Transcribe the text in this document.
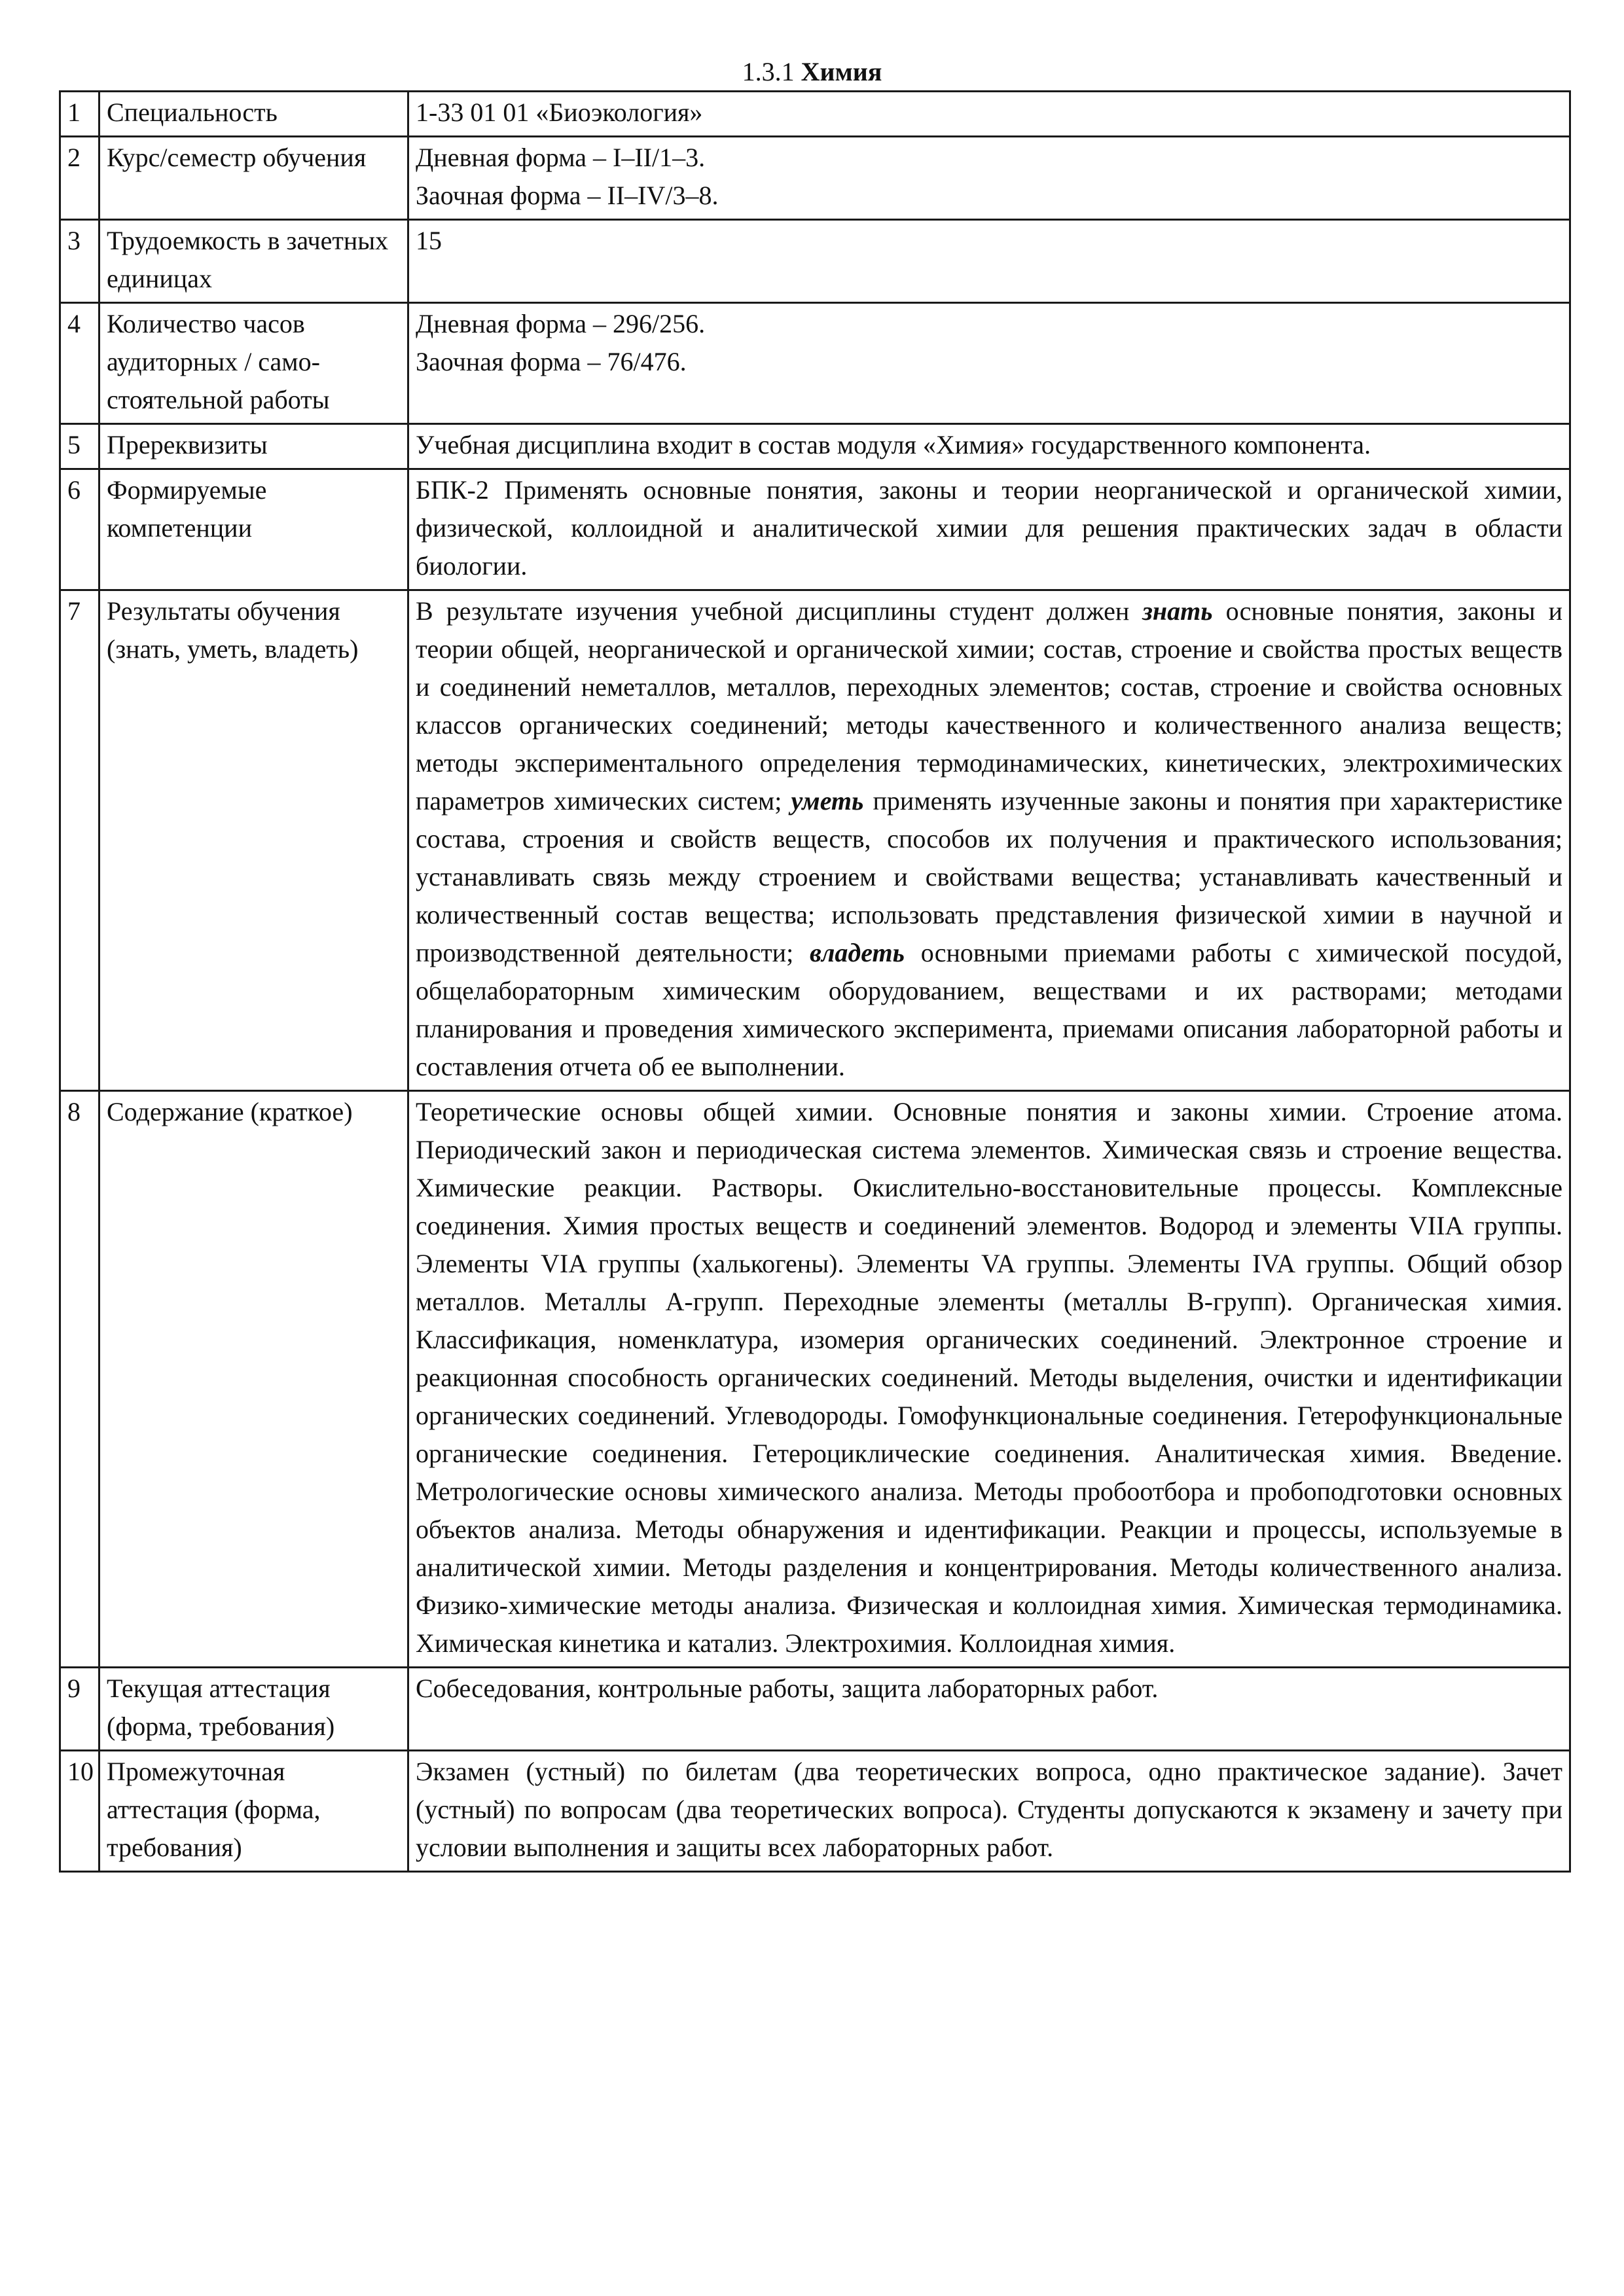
1.3.1 Химия
1	Специальность	1-33 01 01 «Биоэкология»
2	Курс/семестр обучения	Дневная форма – I–II/1–3.
Заочная форма – II–IV/3–8.

3	Трудоемкость в зачетных единицах	15
4	Количество часов аудиторных / само-стоятельной работы	Дневная форма – 296/256.
Заочная форма – 76/476.

5	Пререквизиты	Учебная дисциплина входит в состав модуля «Химия» государственного компонента.
6	Формируемые компетенции	БПК-2 Применять основные понятия, законы и теории неорганической и органической химии, физической, коллоидной и аналитической химии для решения практических задач в области биологии.
7	Результаты обучения (знать, уметь, владеть)	В результате изучения учебной дисциплины студент должен знать основные понятия, законы и теории общей, неорганической и органической химии; состав, строение и свойства простых веществ и соединений неметаллов, металлов, переходных элементов; состав, строение и свойства основных классов органических соединений; методы качественного и количественного анализа веществ; методы экспериментального определения термодинамических, кинетических, электрохимических параметров химических систем; уметь применять изученные законы и понятия при характеристике состава, строения и свойств веществ, способов их получения и практического использования; устанавливать связь между строением и свойствами вещества; устанавливать качественный и количественный состав вещества; использовать представления физической химии в научной и производственной деятельности; владеть основными приемами работы с химической посудой, общелабораторным химическим оборудованием, веществами и их растворами; методами планирования и проведения химического эксперимента, приемами описания лабораторной работы и составления отчета об ее выполнении.
8	Содержание (краткое)	Теоретические основы общей химии. Основные понятия и законы химии. Строение атома. Периодический закон и периодическая система элементов. Химическая связь и строение вещества. Химические реакции. Растворы. Окислительно-восстановительные процессы. Комплексные соединения. Химия простых веществ и соединений элементов. Водород и элементы VIIA группы. Элементы VIA группы (халькогены). Элементы VA группы. Элементы IVA группы. Общий обзор металлов. Металлы А-групп. Переходные элементы (металлы В-групп). Органическая химия. Классификация, номенклатура, изомерия органических соединений. Электронное строение и реакционная способность органических соединений. Методы выделения, очистки и идентификации органических соединений. Углеводороды. Гомофункциональные соединения. Гетерофункциональные органические соединения. Гетероциклические соединения. Аналитическая химия. Введение. Метрологические основы химического анализа. Методы пробоотбора и пробоподготовки основных объектов анализа. Методы обнаружения и идентификации. Реакции и процессы, используемые в аналитической химии. Методы разделения и концентрирования. Методы количественного анализа. Физико-химические методы анализа. Физическая и коллоидная химия. Химическая термодинамика. Химическая кинетика и катализ. Электрохимия. Коллоидная химия.
9	Текущая аттестация (форма, требования)	Собеседования, контрольные работы, защита лабораторных работ.
10	Промежуточная аттестация (форма, требования)	Экзамен (устный) по билетам (два теоретических вопроса, одно практическое задание). Зачет (устный) по вопросам (два теоретических вопроса). Студенты допускаются к экзамену и зачету при условии выполнения и защиты всех лабораторных работ.
